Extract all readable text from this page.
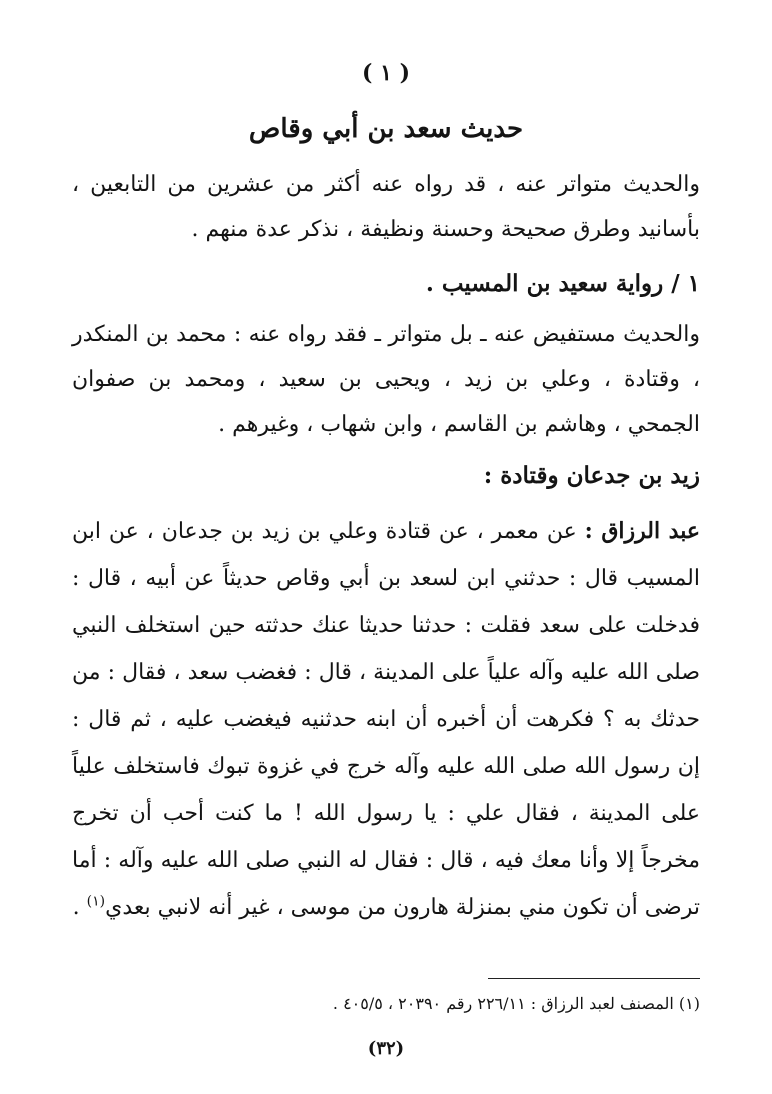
( ١ )
حديث سعد بن أبي وقاص
والحديث متواتر عنه ، قد رواه عنه أكثر من عشرين من التابعين ، بأسانيد وطرق صحيحة وحسنة ونظيفة ، نذكر عدة منهم .
١ / رواية سعيد بن المسيب .
والحديث مستفيض عنه ـ بل متواتر ـ فقد رواه عنه : محمد بن المنكدر ، وقتادة ، وعلي بن زيد ، ويحيى بن سعيد ، ومحمد بن صفوان الجمحي ، وهاشم بن القاسم ، وابن شهاب ، وغيرهم .
زيد بن جدعان وقتادة :
عبد الرزاق : عن معمر ، عن قتادة وعلي بن زيد بن جدعان ، عن ابن المسيب قال : حدثني ابن لسعد بن أبي وقاص حديثاً عن أبيه ، قال : فدخلت على سعد فقلت : حدثنا حديثا عنك حدثته حين استخلف النبي صلى الله عليه وآله علياً على المدينة ، قال : فغضب سعد ، فقال : من حدثك به ؟ فكرهت أن أخبره أن ابنه حدثنيه فيغضب عليه ، ثم قال : إن رسول الله صلى الله عليه وآله خرج في غزوة تبوك فاستخلف علياً على المدينة ، فقال علي : يا رسول الله ! ما كنت أحب أن تخرج مخرجاً إلا وأنا معك فيه ، قال : فقال له النبي صلى الله عليه وآله : أما ترضى أن تكون مني بمنزلة هارون من موسى ، غير أنه لانبي بعدي$^{(١)}$ .
(١) المصنف لعبد الرزاق : ٢٢٦/١١ رقم ٢٠٣٩٠ ، ٤٠٥/٥ .
(٣٢)
